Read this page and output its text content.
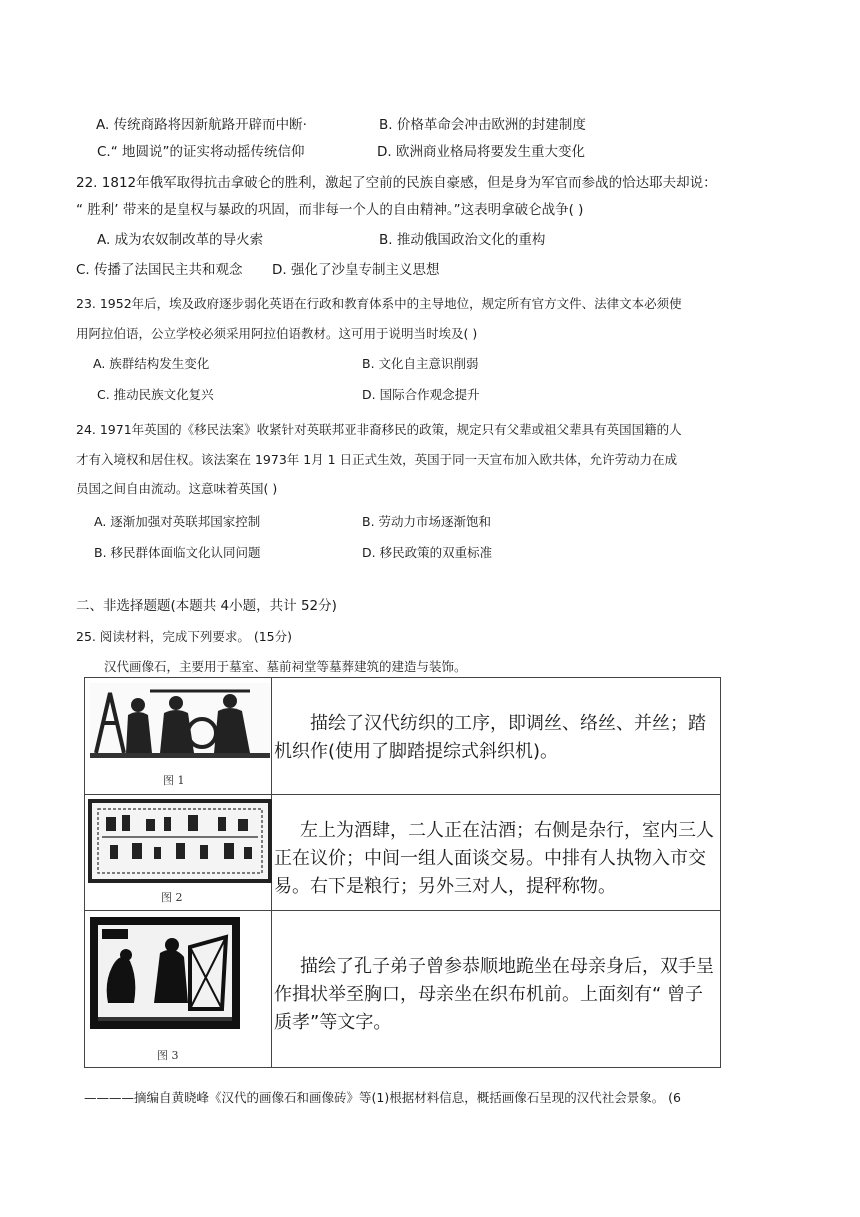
A. 传统商路将因新航路开辟而中断·	B. 价格革命会冲击欧洲的封建制度
C.“ 地圆说”的证实将动摇传统信仰	D. 欧洲商业格局将要发生重大变化
22. 1812年俄军取得抗击拿破仑的胜利，激起了空前的民族自豪感，但是身为军官而参战的恰达耶夫却说：
“ 胜利’ 带来的是皇权与暴政的巩固，而非每一个人的自由精神。”这表明拿破仑战争( )
A. 成为农奴制改革的导火索	B. 推动俄国政治文化的重构
C. 传播了法国民主共和观念 D. 强化了沙皇专制主义思想
23. 1952年后，埃及政府逐步弱化英语在行政和教育体系中的主导地位，规定所有官方文件、法律文本必须使
用阿拉伯语，公立学校必须采用阿拉伯语教材。这可用于说明当时埃及( )
A. 族群结构发生变化	B. 文化自主意识削弱
C. 推动民族文化复兴	D. 国际合作观念提升
24. 1971年英国的《移民法案》收紧针对英联邦亚非裔移民的政策，规定只有父辈或祖父辈具有英国国籍的人
才有入境权和居住权。该法案在 1973年 1月 1 日正式生效，英国于同一天宣布加入欧共体，允许劳动力在成
员国之间自由流动。这意味着英国( )
A. 逐渐加强对英联邦国家控制	B. 劳动力市场逐渐饱和
B. 移民群体面临文化认同问题	D. 移民政策的双重标准
二、非选择题题(本题共 4小题，共计 52分)
25. 阅读材料，完成下列要求。 (15分)
汉代画像石，主要用于墓室、墓前祠堂等墓葬建筑的建造与装饰。
图 1
描绘了汉代纺织的工序，即调丝、络丝、并丝；踏机织作(使用了脚踏提综式斜织机)。
图 2
左上为酒肆，二人正在沽酒；右侧是杂行，室内三人正在议价；中间一组人面谈交易。中排有人执物入市交易。右下是粮行；另外三对人，提秤称物。
图 3
描绘了孔子弟子曾参恭顺地跪坐在母亲身后，双手呈作揖状举至胸口，母亲坐在织布机前。上面刻有“ 曾子质孝”等文字。
————摘编自黄晓峰《汉代的画像石和画像砖》等(1)根据材料信息，概括画像石呈现的汉代社会景象。 (6
